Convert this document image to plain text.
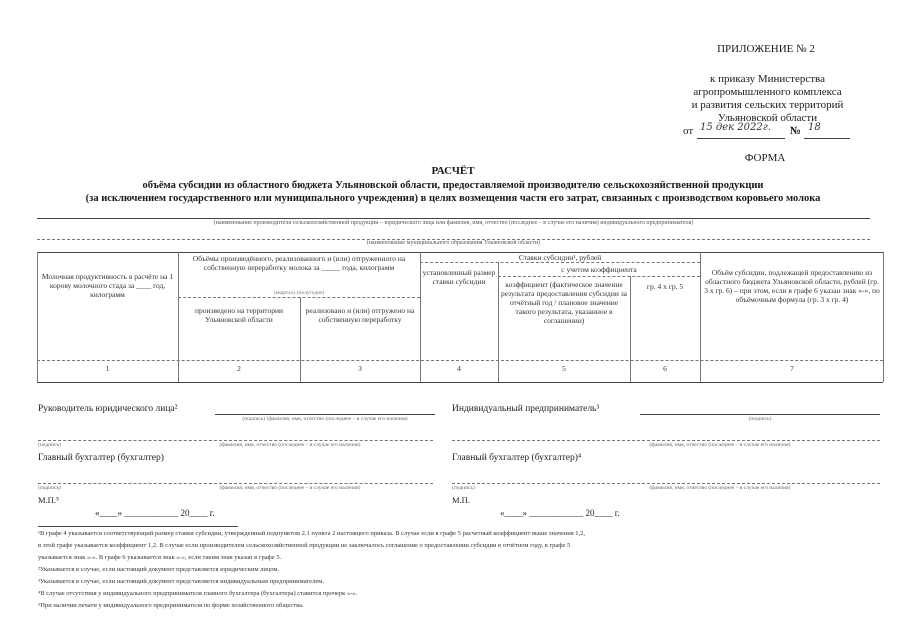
ПРИЛОЖЕНИЕ № 2
к приказу Министерства
агропромышленного комплекса
и развития сельских территорий
Ульяновской области
от 15 дек 2022г. № 18
ФОРМА
РАСЧЁТ
объёма субсидии из областного бюджета Ульяновской области, предоставляемой производителю сельскохозяйственной продукции
(за исключением государственного или муниципального учреждения) в целях возмещения части его затрат, связанных с производством коровьего молока
(наименование производителя сельскохозяйственной продукции – юридического лица или фамилия, имя, отчество (последнее – в случае его наличия) индивидуального предпринимателя)
(наименование муниципального образования Ульяновской области)
Молочная продуктивность в расчёте на 1 корову молочного стада за ____ год, килограмм
Объёмы произведённого, реализованного и (или) отгруженного на собственную переработку молока за _____ года, килограмм
(квартал) (полугодие)
произведено на территории Ульяновской области
реализовано и (или) отгружено на собственную переработку
Ставки субсидии¹, рублей
установленный размер ставки субсидии
с учетом коэффициента
коэффициент (фактическое значение результата предоставления субсидии за отчётный год / плановое значение такого результата, указанное в соглашении)
гр. 4 х гр. 5
Объём субсидии, подлежащей предоставлению из областного бюджета Ульяновской области, рублей (гр. 3 х гр. 6) – при этом, если в графе 6 указан знак «-», по объёмочным формула (гр. 3 х гр. 4)
1	2	3	4	5	6	7
Руководитель юридического лица²
(подпись) (фамилия, имя, отчество (последнее – в случае его наличия)
Индивидуальный предприниматель³
(подпись)
(подпись)	(фамилия, имя, отчество (последнее – в случае его наличия)	(фамилия, имя, отчество (последнее – в случае его наличия)
Главный бухгалтер (бухгалтер)	Главный бухгалтер (бухгалтер)⁴
(подпись)	(фамилия, имя, отчество (последнее – в случае его наличия)	(подпись)	(фамилия, имя, отчество (последнее – в случае его наличия)
М.П.⁵	М.П.
«____» ____________ 20____ г.	«____» ____________ 20____ г.
¹В графе 4 указывается соответствующий размер ставки субсидии, утвержденный подпунктом 2.1 пункта 2 настоящего приказа. В случае если в графе 5 расчетный коэффициент выше значения 1,2,
в этой графе указывается коэффициент 1,2. В случае если производителем сельскохозяйственной продукции не заключалось соглашение о предоставлении субсидии в отчётном году, в графе 5
указывается знак «-». В графе 6 указывается знак «-», если таким знак указан в графе 5.
²Указывается в случае, если настоящий документ представляется юридическим лицом.
³Указывается в случае, если настоящий документ представляется индивидуальным предпринимателем.
⁴В случае отсутствия у индивидуального предпринимателя главного бухгалтера (бухгалтера) ставится прочерк «-».
⁵При наличии печати у индивидуального предпринимателя по форме хозяйственного общества.
